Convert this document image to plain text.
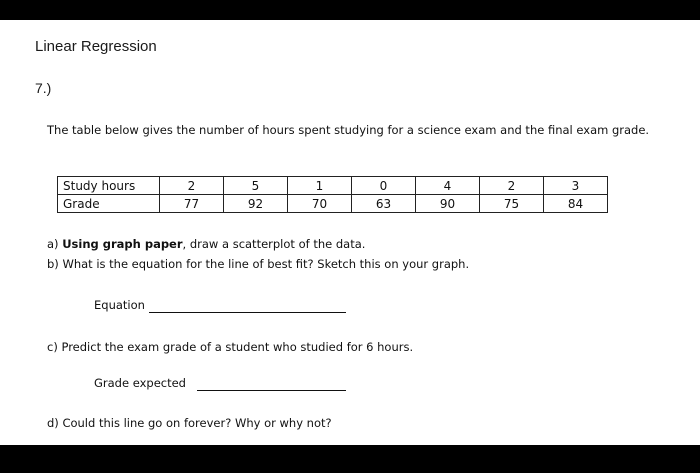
Linear Regression
7.)
The table below gives the number of hours spent studying for a science exam and the final exam grade.
Study hours	2	5	1	0	4	2	3
Grade	77	92	70	63	90	75	84
a) Using graph paper, draw a scatterplot of the data.
b) What is the equation for the line of best fit? Sketch this on your graph.
Equation
c) Predict the exam grade of a student who studied for 6 hours.
Grade expected
d) Could this line go on forever? Why or why not?
